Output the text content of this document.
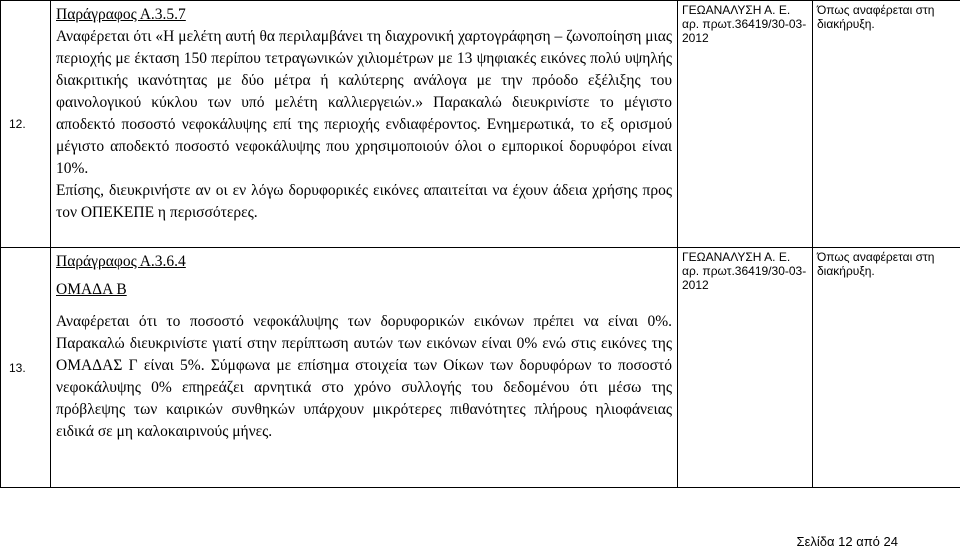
12.	Παράγραφος Α.3.5.7

Αναφέρεται ότι «Η μελέτη αυτή θα περιλαμβάνει τη διαχρονική χαρτογράφηση – ζωνοποίηση μιας περιοχής με έκταση 150 περίπου τετραγωνικών χιλιομέτρων με 13 ψηφιακές εικόνες πολύ υψηλής διακριτικής ικανότητας με δύο μέτρα ή καλύτερης ανάλογα με την πρόοδο εξέλιξης του φαινολογικού κύκλου των υπό μελέτη καλλιεργειών.» Παρακαλώ διευκρινίστε το μέγιστο αποδεκτό ποσοστό νεφοκάλυψης επί της περιοχής ενδιαφέροντος. Ενημερωτικά, το εξ ορισμού μέγιστο αποδεκτό ποσοστό νεφοκάλυψης που χρησιμοποιούν όλοι ο εμπορικοί δορυφόροι είναι 10%.

Επίσης, διευκρινήστε αν οι εν λόγω δορυφορικές εικόνες απαιτείται να έχουν άδεια χρήσης προς τον ΟΠΕΚΕΠΕ η περισσότερες.	ΓΕΩΑΝΑΛΥΣΗ Α. Ε. αρ. πρωτ.36419/30-03-2012	Όπως αναφέρεται στη διακήρυξη.
13.	Παράγραφος Α.3.6.4

ΟΜΑΔΑ Β

Αναφέρεται ότι το ποσοστό νεφοκάλυψης των δορυφορικών εικόνων πρέπει να είναι 0%. Παρακαλώ διευκρινίστε γιατί στην περίπτωση αυτών των εικόνων είναι 0% ενώ στις εικόνες της ΟΜΑΔΑΣ Γ είναι 5%. Σύμφωνα με επίσημα στοιχεία των Οίκων των δορυφόρων το ποσοστό νεφοκάλυψης 0% επηρεάζει αρνητικά στο χρόνο συλλογής του δεδομένου ότι μέσω της πρόβλεψης των καιρικών συνθηκών υπάρχουν μικρότερες πιθανότητες πλήρους ηλιοφάνειας ειδικά σε μη καλοκαιρινούς μήνες.	ΓΕΩΑΝΑΛΥΣΗ Α. Ε. αρ. πρωτ.36419/30-03-2012	Όπως αναφέρεται στη διακήρυξη.
Σελίδα 12 από 24
